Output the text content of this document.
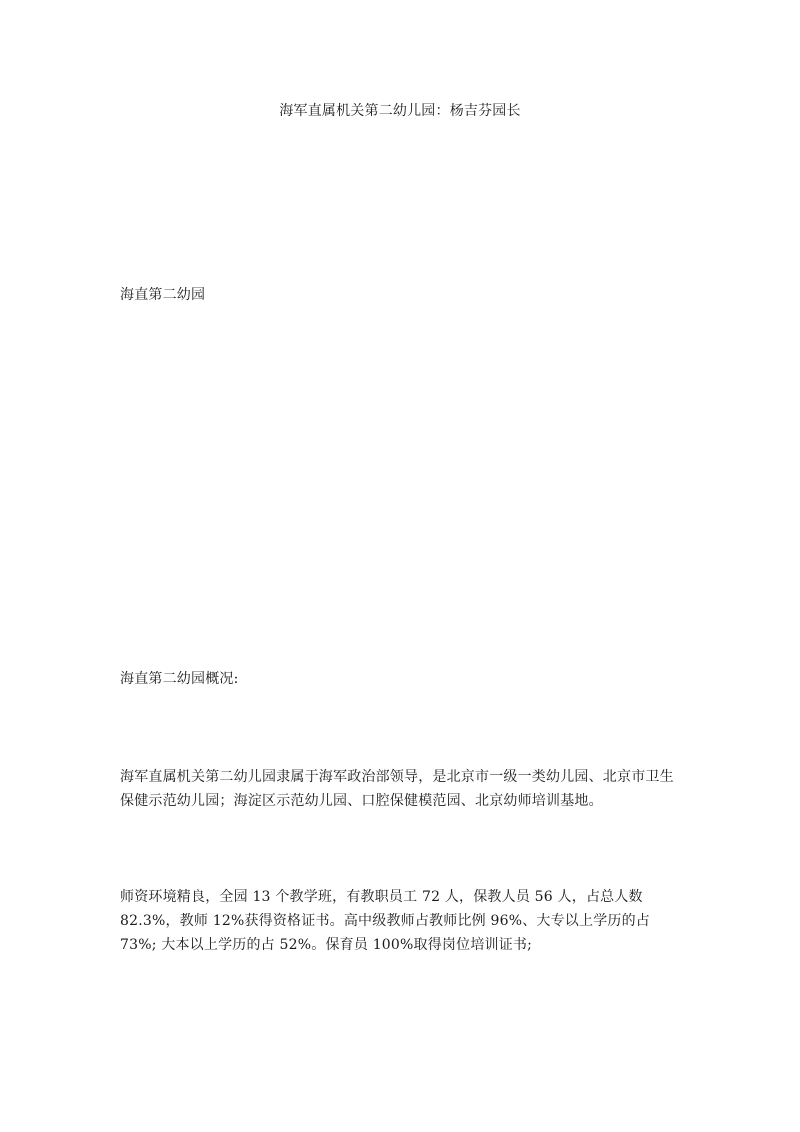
海军直属机关第二幼儿园：杨吉芬园长

海直第二幼园

海直第二幼园概况:

海军直属机关第二幼儿园隶属于海军政治部领导，是北京市一级一类幼儿园、北京市卫生保健示范幼儿园；海淀区示范幼儿园、口腔保健模范园、北京幼师培训基地。

师资环境精良，全园 13 个教学班，有教职员工 72 人，保教人员 56 人，占总人数 82.3%，教师 12%获得资格证书。高中级教师占教师比例 96%、大专以上学历的占 73%; 大本以上学历的占 52%。保育员 100%取得岗位培训证书;
